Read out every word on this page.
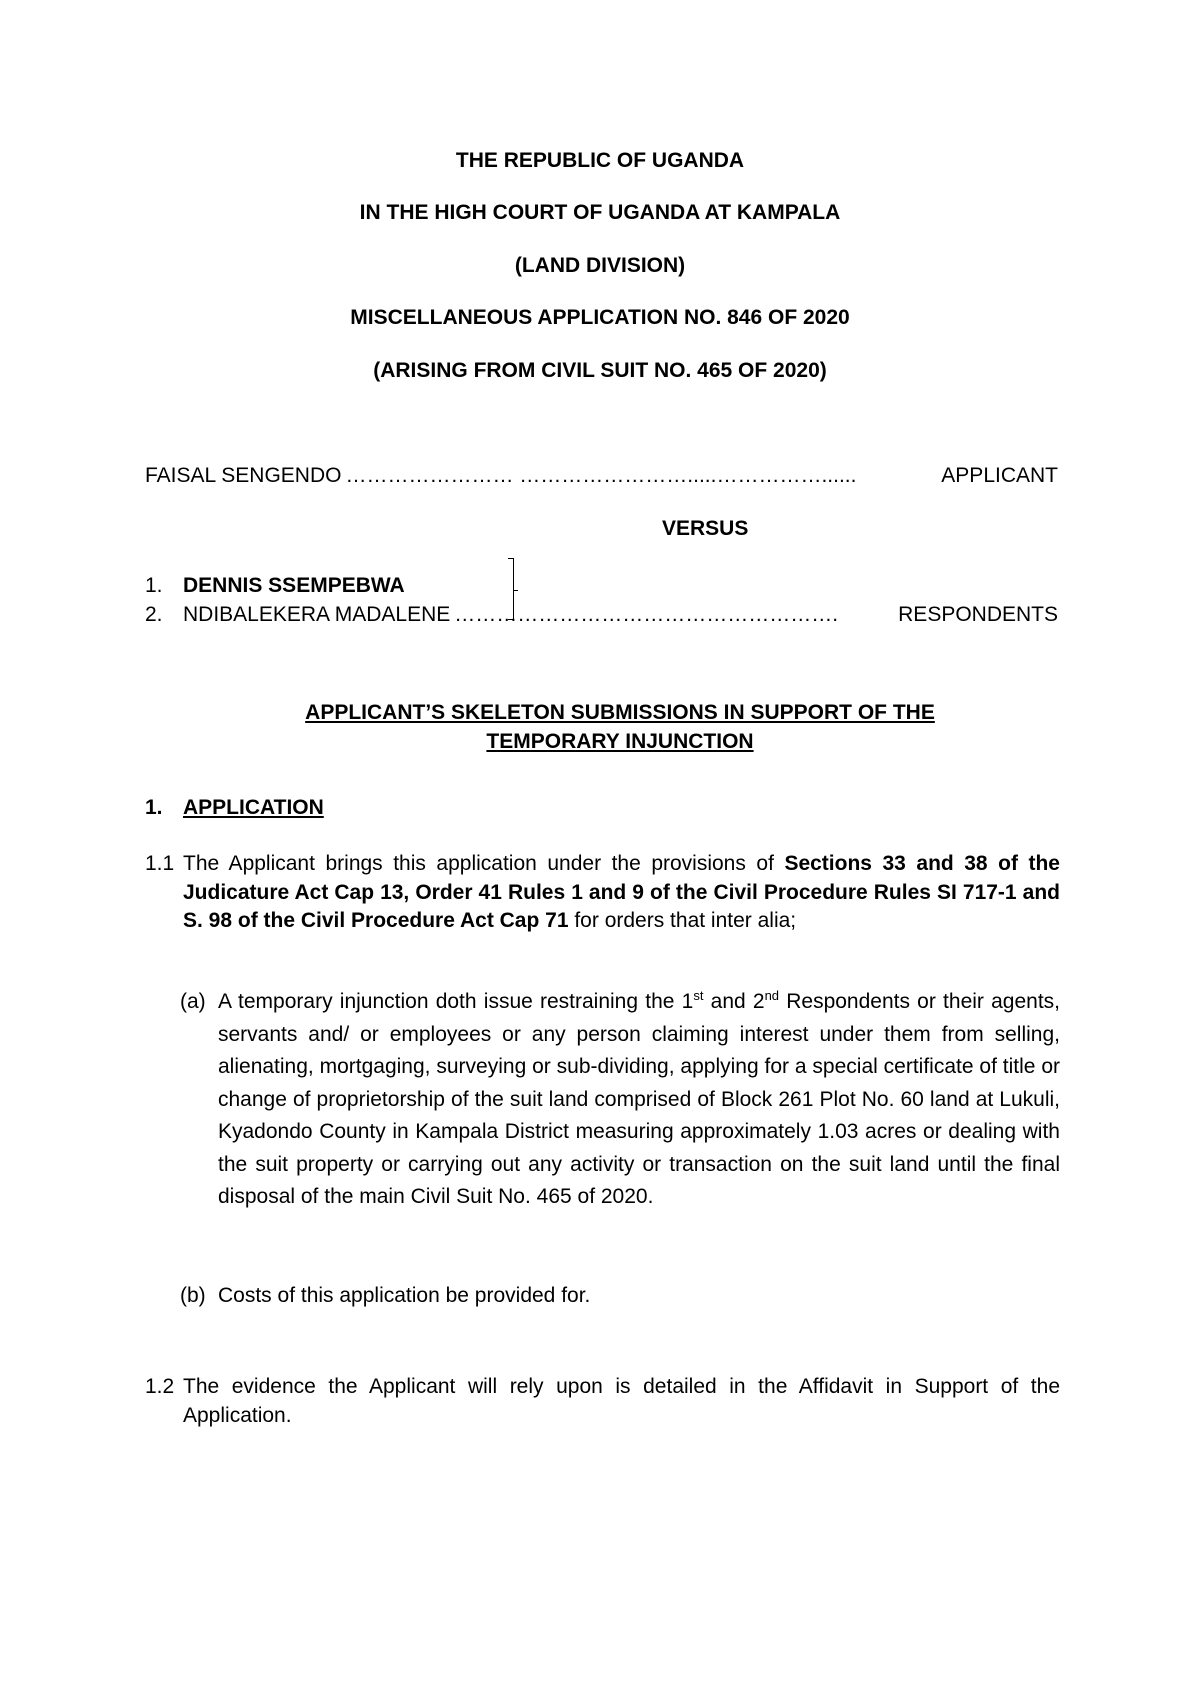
THE REPUBLIC OF UGANDA
IN THE HIGH COURT OF UGANDA AT KAMPALA
(LAND DIVISION)
MISCELLANEOUS APPLICATION NO. 846 OF 2020
(ARISING FROM CIVIL SUIT NO. 465 OF 2020)
FAISAL SENGENDO …………………… …………………….....……………......	APPLICANT
VERSUS
1. DENNIS SSEMPEBWA
2. NDIBALEKERA MADALENE ……………………………………………….	RESPONDENTS
APPLICANT’S SKELETON SUBMISSIONS IN SUPPORT OF THE
TEMPORARY INJUNCTION
1. APPLICATION
1.1 The Applicant brings this application under the provisions of Sections 33 and 38 of the Judicature Act Cap 13, Order 41 Rules 1 and 9 of the Civil Procedure Rules SI 717-1 and S. 98 of the Civil Procedure Act Cap 71 for orders that inter alia;
(a) A temporary injunction doth issue restraining the 1st and 2nd Respondents or their agents, servants and/ or employees or any person claiming interest under them from selling, alienating, mortgaging, surveying or sub-dividing, applying for a special certificate of title or change of proprietorship of the suit land comprised of Block 261 Plot No. 60 land at Lukuli, Kyadondo County in Kampala District measuring approximately 1.03 acres or dealing with the suit property or carrying out any activity or transaction on the suit land until the final disposal of the main Civil Suit No. 465 of 2020.
(b) Costs of this application be provided for.
1.2 The evidence the Applicant will rely upon is detailed in the Affidavit in Support of the Application.
